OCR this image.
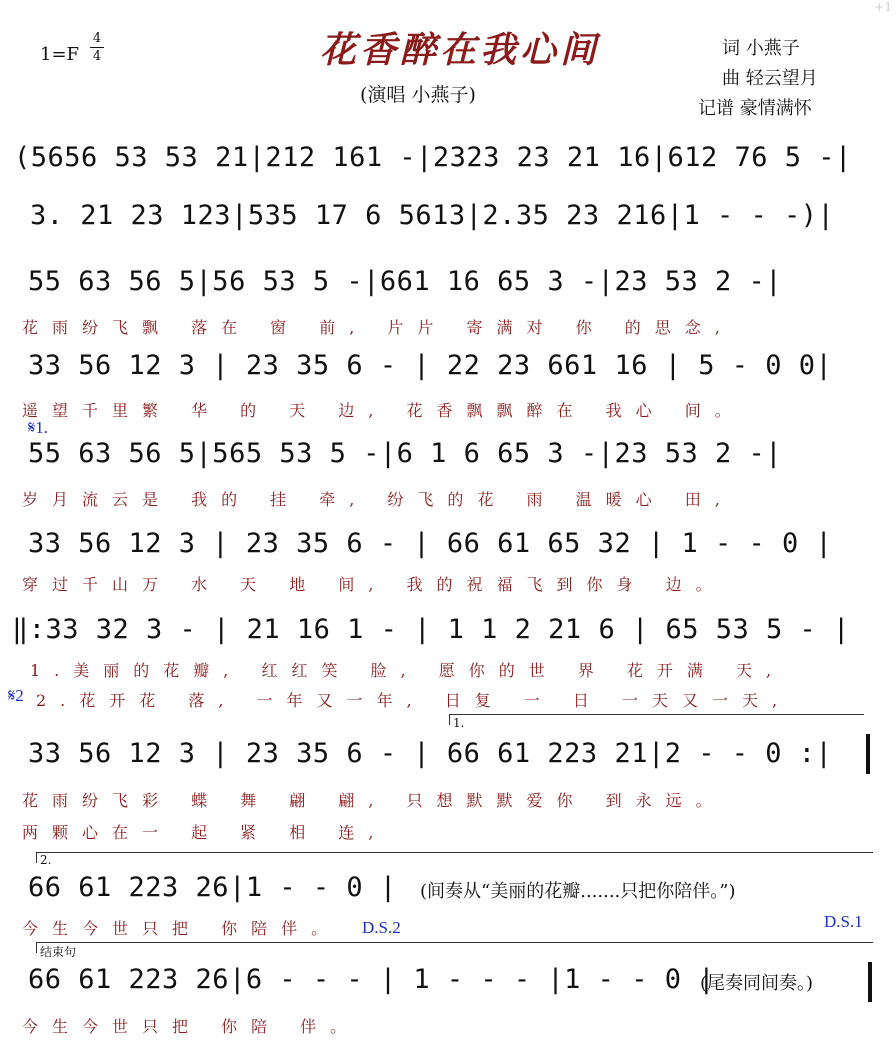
+1
$1=F \frac{4}{4}$	花香醉在我心间
(演唱 小燕子)
词 小燕子
曲 轻云望月
记谱 豪情满怀
(5656 53 53 21|212 161 -|2323 23 21 16|612 76 5 -|
3. 21 23 123|535 17 6 5613|2.35 23 216|1 - - -)|
55 63 56 5|56 53 5 -|661 16 65 3 -|23 53 2 -|
花雨纷飞飘 落在 窗 前, 片片 寄满对 你 的思念,
33 56 12 3 | 23 35 6 - | 22 23 661 16 | 5 - 0 0|
遥望千里繁 华 的 天 边, 花香飘飘醉在 我心 间。
𝄋1.
55 63 56 5|565 53 5 -|6 1 6 65 3 -|23 53 2 -|
岁月流云是 我的 挂 牵, 纷飞的花 雨 温暖心 田,
33 56 12 3 | 23 35 6 - | 66 61 65 32 | 1 - - 0 |
穿过千山万 水 天 地 间, 我的祝福飞到你身 边。
‖:33 32 3 - | 21 16 1 - | 1 1 2 21 6 | 65 53 5 - |
1.美丽的花瓣, 红红笑 脸, 愿你的世 界 花开满 天,
𝄋2 2.花开花 落, 一年又一年, 日复 一 日 一天又一天,
1.
33 56 12 3 | 23 35 6 - | 66 61 223 21|2 - - 0 :|
花雨纷飞彩 蝶 舞 翩 翩, 只想默默爱你 到永远。
两颗心在一 起 紧 相 连,
2.
66 61 223 26|1 - - 0 | (间奏从“美丽的花瓣.......只把你陪伴。”)
今生今世只把 你陪伴。 D.S.2	D.S.1
结束句
66 61 223 26|6 - - - | 1 - - - |1 - - 0 |
(尾奏同间奏。)
今生今世只把 你陪 伴。
